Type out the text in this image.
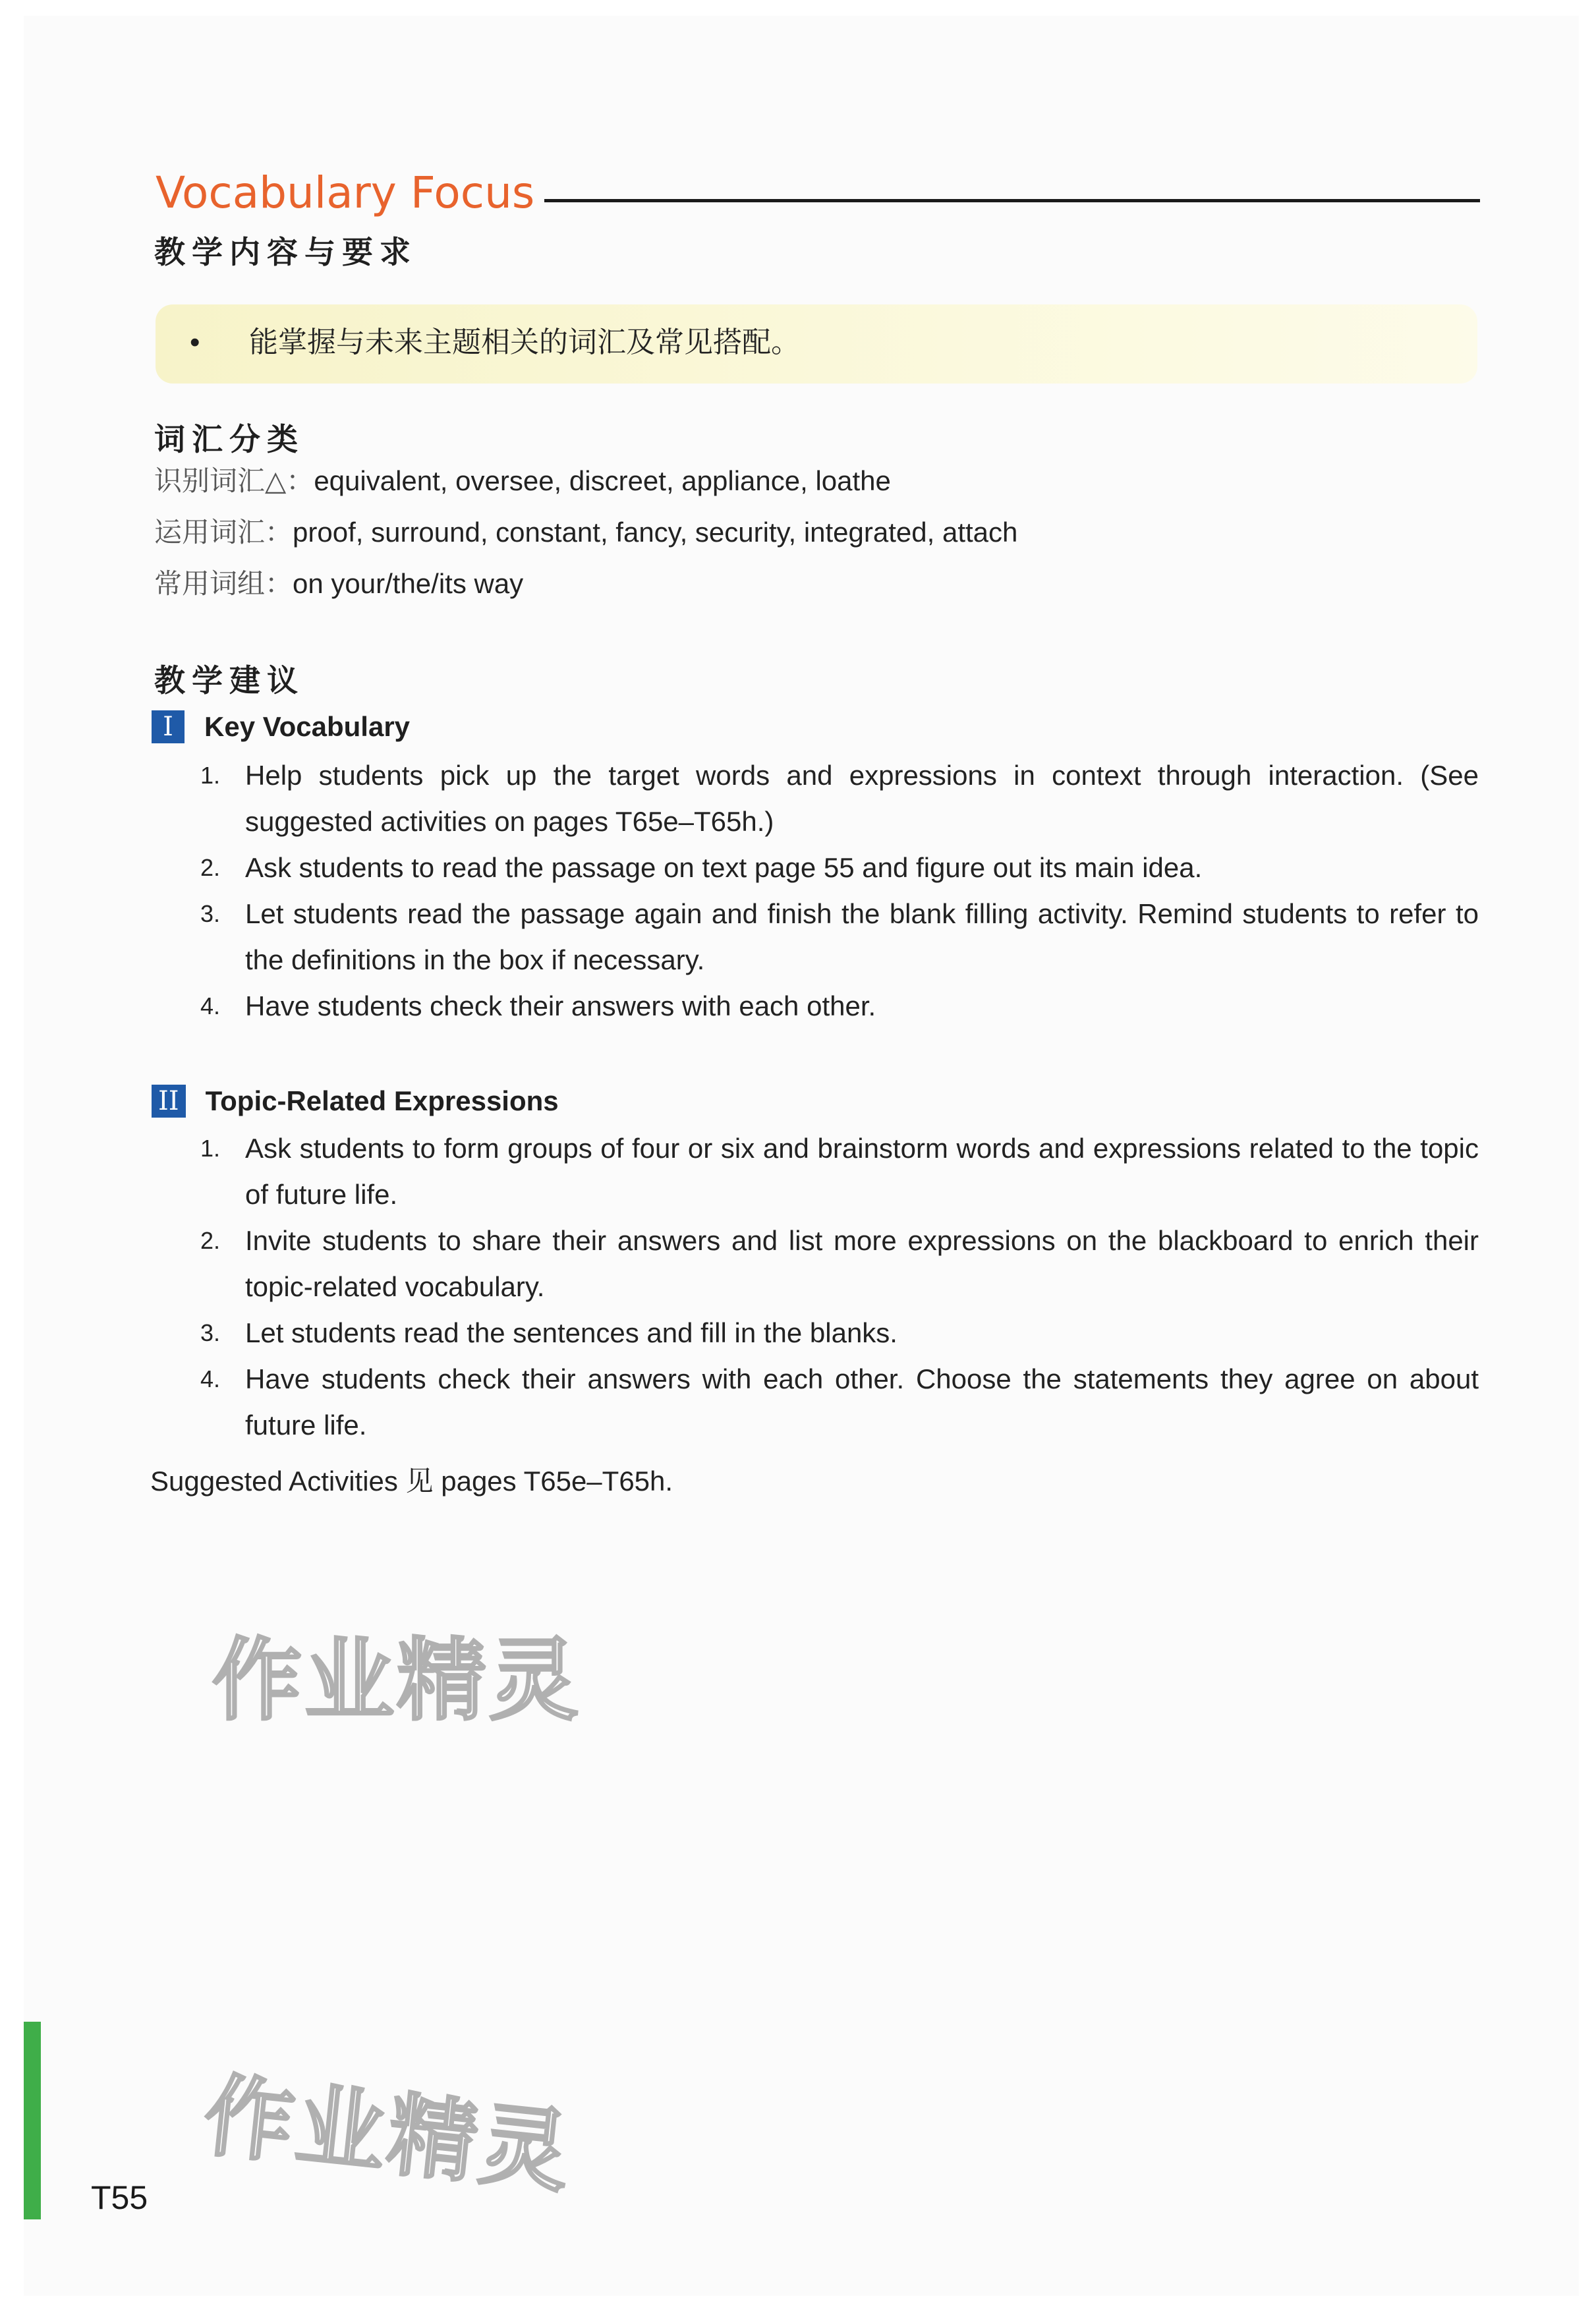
Vocabulary Focus
教学内容与要求
• 能掌握与未来主题相关的词汇及常见搭配。
词汇分类
识别词汇△：equivalent, oversee, discreet, appliance, loathe
运用词汇：proof, surround, constant, fancy, security, integrated, attach
常用词组：on your/the/its way
教学建议
I Key Vocabulary
1. Help students pick up the target words and expressions in context through interaction. (See suggested activities on pages T65e–T65h.)
2. Ask students to read the passage on text page 55 and figure out its main idea.
3. Let students read the passage again and finish the blank filling activity. Remind students to refer to the definitions in the box if necessary.
4. Have students check their answers with each other.
II Topic-Related Expressions
1. Ask students to form groups of four or six and brainstorm words and expressions related to the topic of future life.
2. Invite students to share their answers and list more expressions on the blackboard to enrich their topic-related vocabulary.
3. Let students read the sentences and fill in the blanks.
4. Have students check their answers with each other. Choose the statements they agree on about future life.
Suggested Activities 见 pages T65e–T65h.
作业精灵
作业精灵
T55
